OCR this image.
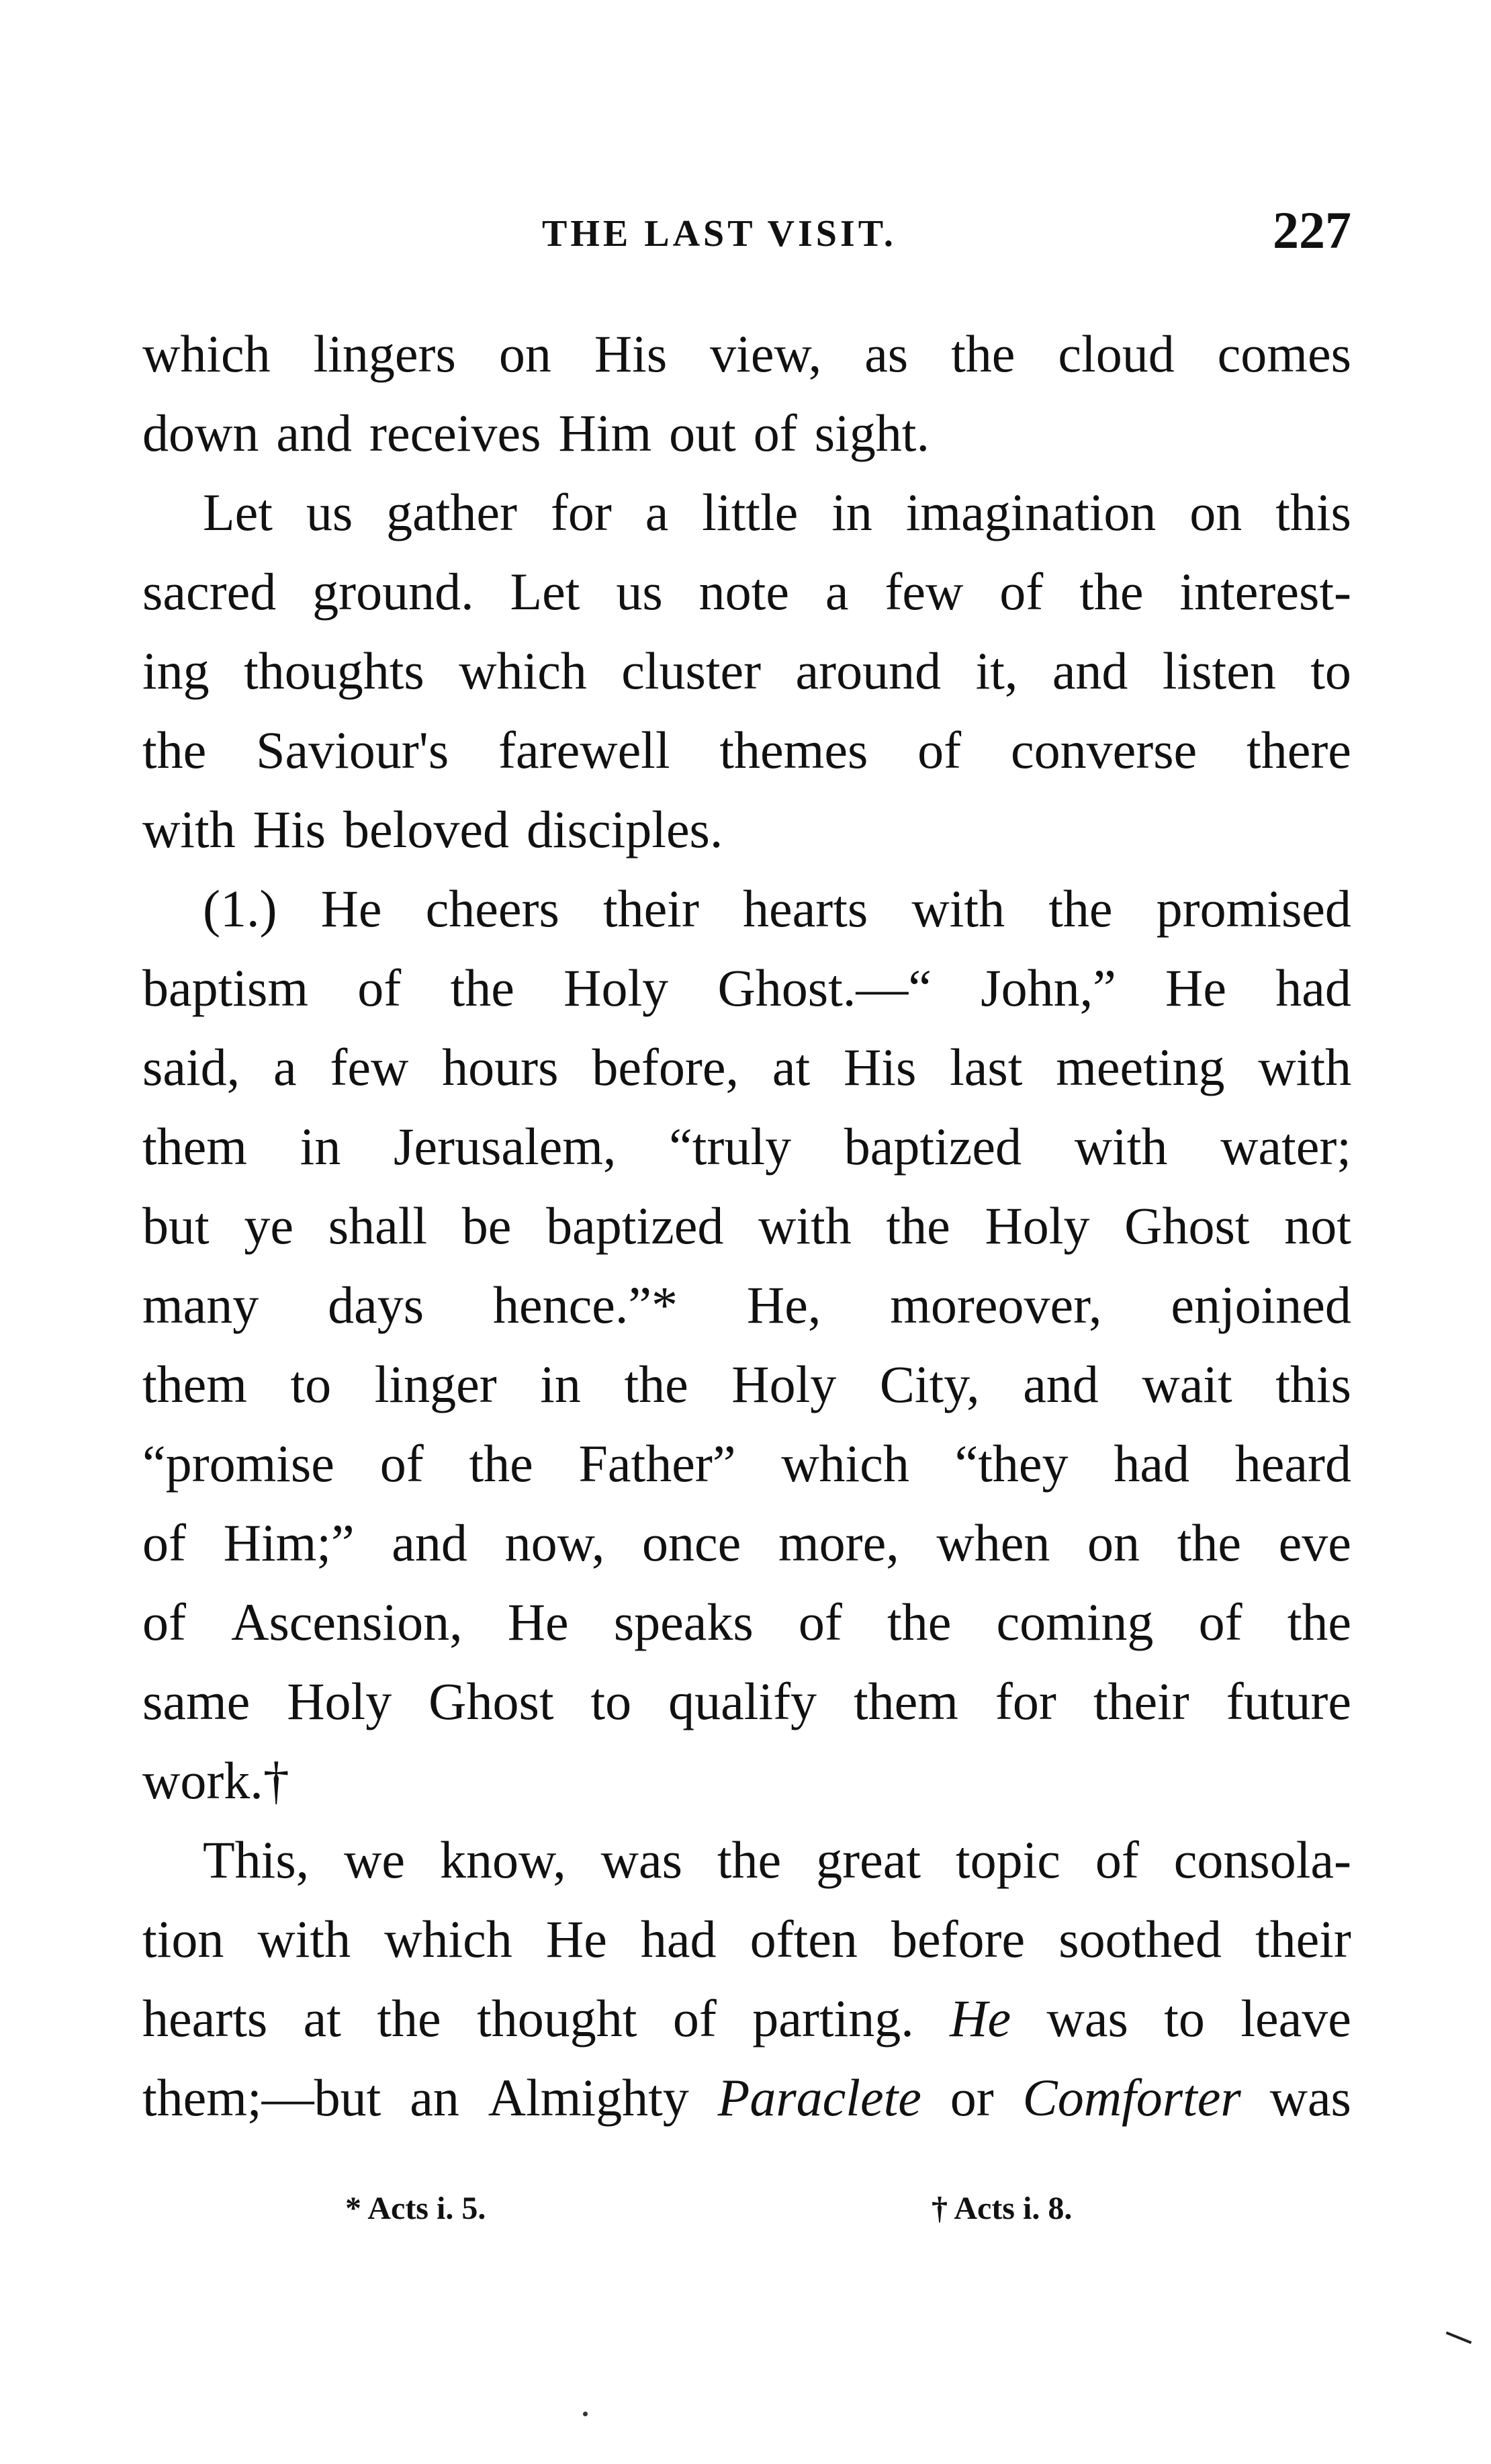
THE LAST VISIT.	227
which lingers on His view, as the cloud comes
down and receives Him out of sight.
Let us gather for a little in imagination on this
sacred ground. Let us note a few of the interest-
ing thoughts which cluster around it, and listen to
the Saviour's farewell themes of converse there
with His beloved disciples.
(1.) He cheers their hearts with the promised
baptism of the Holy Ghost.—“ John,” He had
said, a few hours before, at His last meeting with
them in Jerusalem, “truly baptized with water;
but ye shall be baptized with the Holy Ghost not
many days hence.”* He, moreover, enjoined
them to linger in the Holy City, and wait this
“promise of the Father” which “they had heard
of Him;” and now, once more, when on the eve
of Ascension, He speaks of the coming of the
same Holy Ghost to qualify them for their future
work.†
This, we know, was the great topic of consola-
tion with which He had often before soothed their
hearts at the thought of parting. He was to leave
them;—but an Almighty Paraclete or Comforter was
* Acts i. 5.	† Acts i. 8.
